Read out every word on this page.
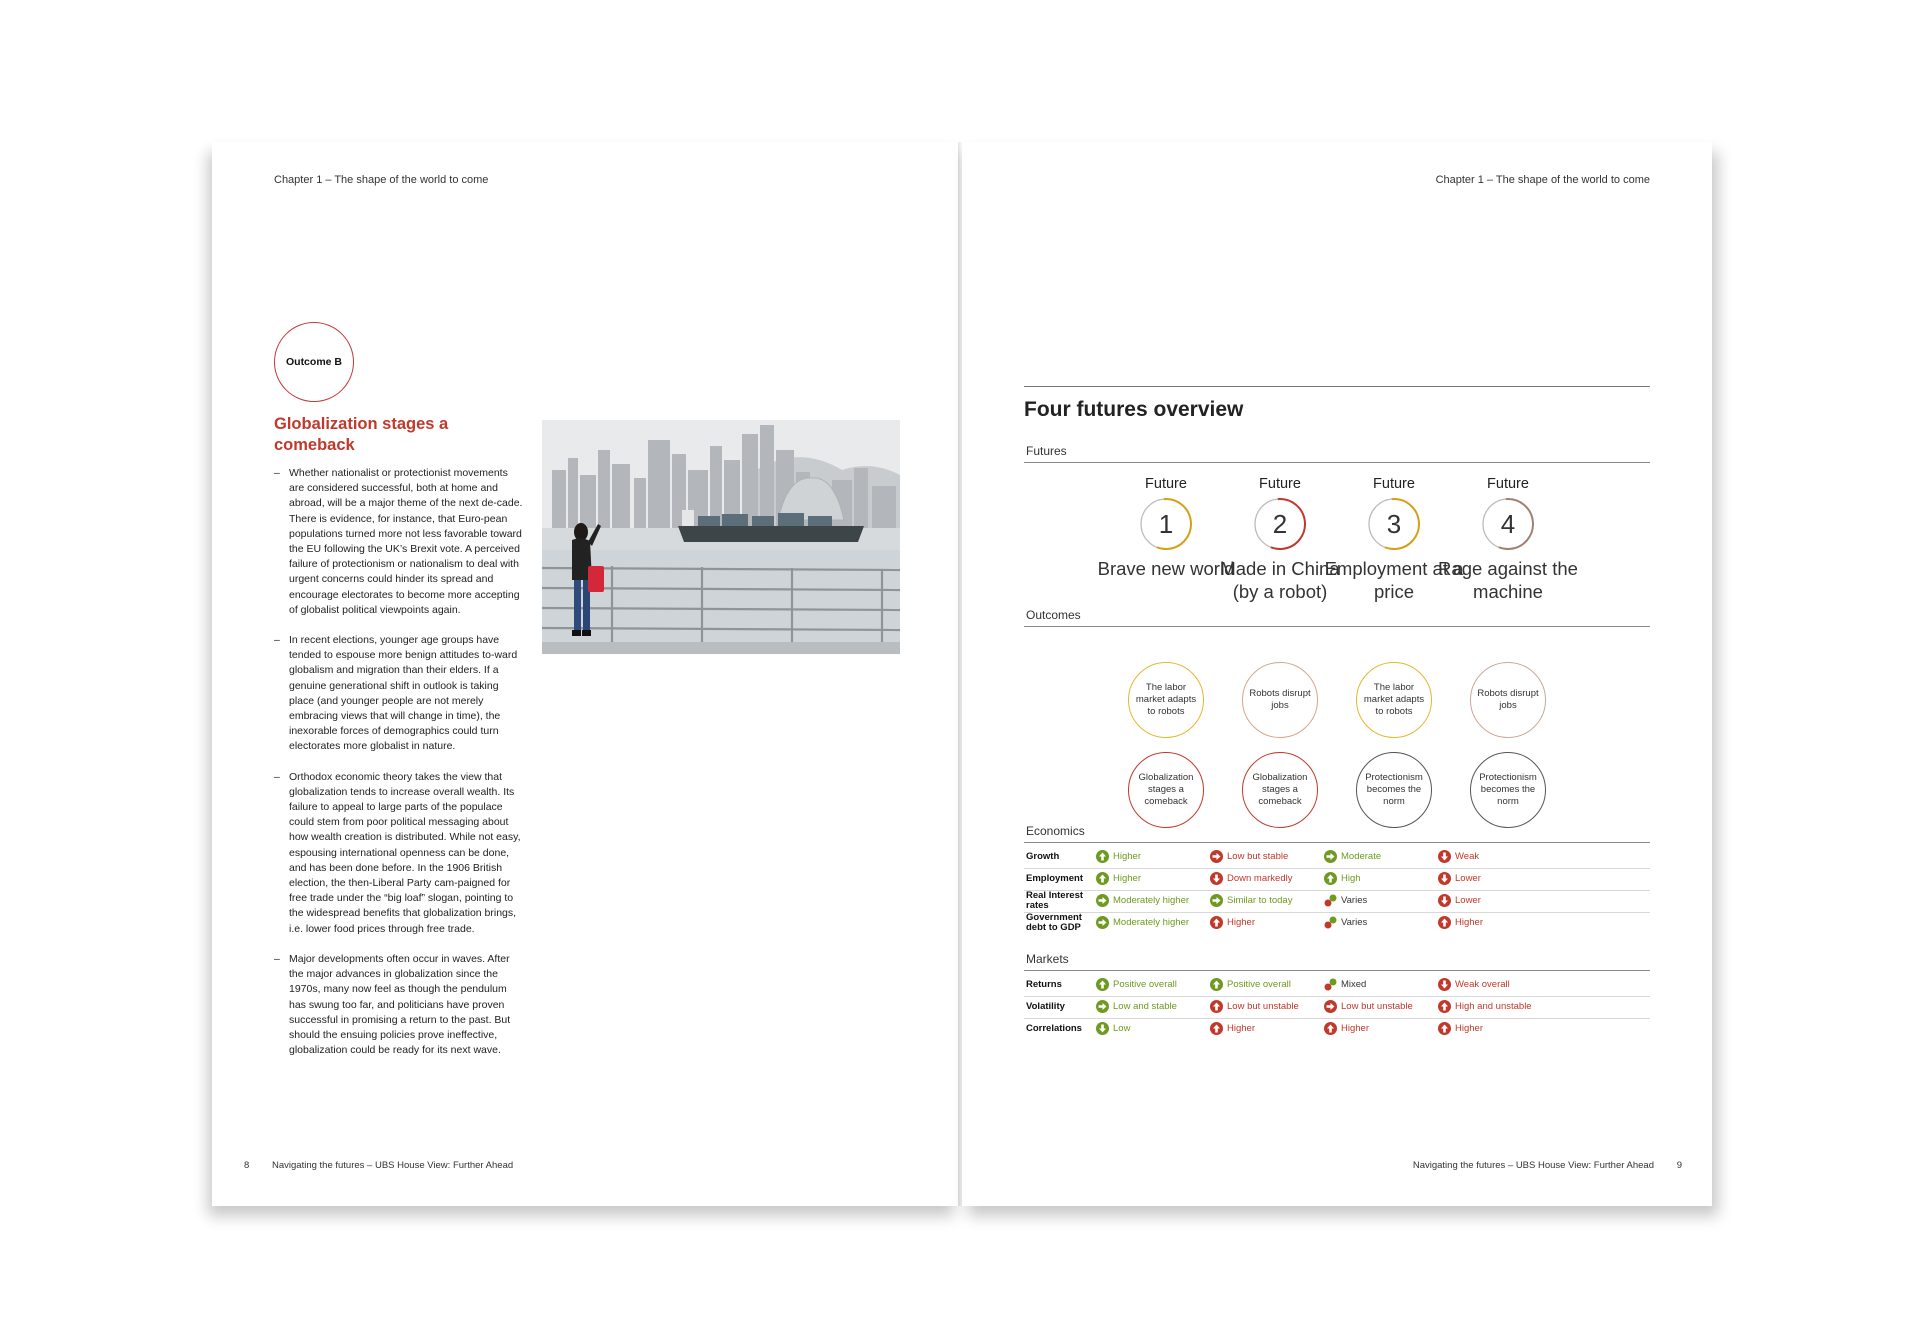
Chapter 1 – The shape of the world to come
Outcome B
Globalization stages a comeback
– Whether nationalist or protectionist movements are considered successful, both at home and abroad, will be a major theme of the next de-cade. There is evidence, for instance, that Euro-pean populations turned more not less favorable toward the EU following the UK’s Brexit vote. A perceived failure of protectionism or nationalism to deal with urgent concerns could hinder its spread and encourage electorates to become more accepting of globalist political viewpoints again.
– In recent elections, younger age groups have tended to espouse more benign attitudes to-ward globalism and migration than their elders. If a genuine generational shift in outlook is taking place (and younger people are not merely embracing views that will change in time), the inexorable forces of demographics could turn electorates more globalist in nature.
– Orthodox economic theory takes the view that globalization tends to increase overall wealth. Its failure to appeal to large parts of the populace could stem from poor political messaging about how wealth creation is distributed. While not easy, espousing international openness can be done, and has been done before. In the 1906 British election, the then-Liberal Party cam-paigned for free trade under the “big loaf” slogan, pointing to the widespread benefits that globalization brings, i.e. lower food prices through free trade.
– Major developments often occur in waves. After the major advances in globalization since the 1970s, many now feel as though the pendulum has swung too far, and politicians have proven successful in promising a return to the past. But should the ensuing policies prove ineffective, globalization could be ready for its next wave.
8 Navigating the futures – UBS House View: Further Ahead
Chapter 1 – The shape of the world to come
Four futures overview
Futures
Future
1
Brave new world
Future
2
Made in China (by a robot)
Future
3
Employment at a price
Future
4
Rage against the machine
Outcomes
The labor market adapts to robots
Robots disrupt jobs
The labor market adapts to robots
Robots disrupt jobs
Globalization stages a comeback
Globalization stages a comeback
Protectionism becomes the norm
Protectionism becomes the norm
Economics
Growth	Higher	Low but stable	Moderate	Weak
Employment	Higher	Down markedly	High	Lower
Real Interest rates	Moderately higher	Similar to today	Varies	Lower
Government debt to GDP	Moderately higher	Higher	Varies	Higher
Markets
Returns	Positive overall	Positive overall	Mixed	Weak overall
Volatility	Low and stable	Low but unstable	Low but unstable	High and unstable
Correlations	Low	Higher	Higher	Higher
Navigating the futures – UBS House View: Further Ahead 9
